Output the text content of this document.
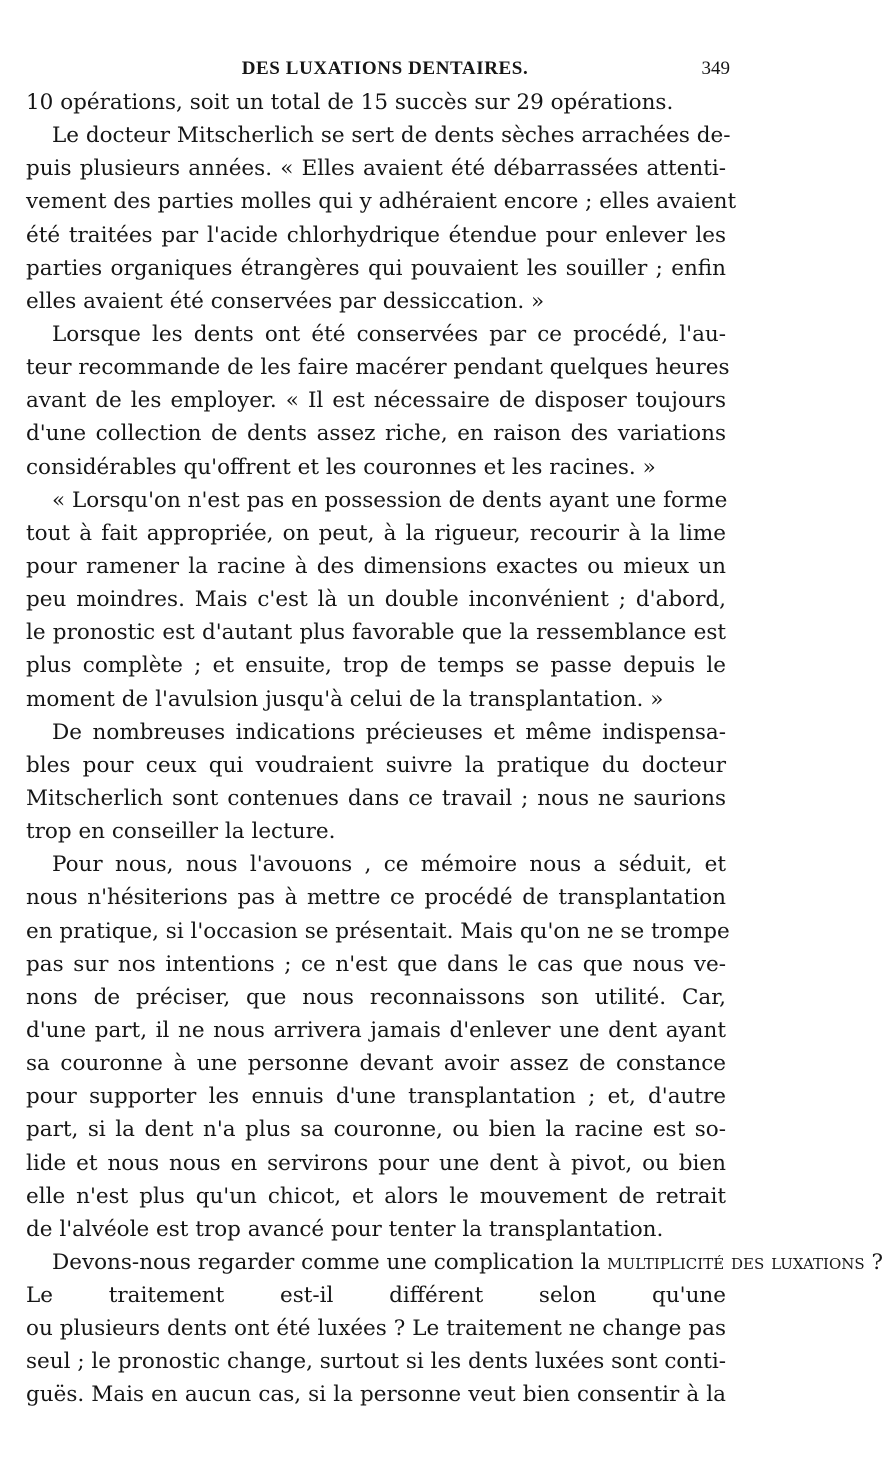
DES LUXATIONS DENTAIRES.	349
10 opérations, soit un total de 15 succès sur 29 opérations.
Le docteur Mitscherlich se sert de dents sèches arrachées de-
puis plusieurs années. « Elles avaient été débarrassées attenti-
vement des parties molles qui y adhéraient encore ; elles avaient
été traitées par l'acide chlorhydrique étendue pour enlever les
parties organiques étrangères qui pouvaient les souiller ; enfin
elles avaient été conservées par dessiccation. »
Lorsque les dents ont été conservées par ce procédé, l'au-
teur recommande de les faire macérer pendant quelques heures
avant de les employer. « Il est nécessaire de disposer toujours
d'une collection de dents assez riche, en raison des variations
considérables qu'offrent et les couronnes et les racines. »
« Lorsqu'on n'est pas en possession de dents ayant une forme
tout à fait appropriée, on peut, à la rigueur, recourir à la lime
pour ramener la racine à des dimensions exactes ou mieux un
peu moindres. Mais c'est là un double inconvénient ; d'abord,
le pronostic est d'autant plus favorable que la ressemblance est
plus complète ; et ensuite, trop de temps se passe depuis le
moment de l'avulsion jusqu'à celui de la transplantation. »
De nombreuses indications précieuses et même indispensa-
bles pour ceux qui voudraient suivre la pratique du docteur
Mitscherlich sont contenues dans ce travail ; nous ne saurions
trop en conseiller la lecture.
Pour nous, nous l'avouons , ce mémoire nous a séduit, et
nous n'hésiterions pas à mettre ce procédé de transplantation
en pratique, si l'occasion se présentait. Mais qu'on ne se trompe
pas sur nos intentions ; ce n'est que dans le cas que nous ve-
nons de préciser, que nous reconnaissons son utilité. Car,
d'une part, il ne nous arrivera jamais d'enlever une dent ayant
sa couronne à une personne devant avoir assez de constance
pour supporter les ennuis d'une transplantation ; et, d'autre
part, si la dent n'a plus sa couronne, ou bien la racine est so-
lide et nous nous en servirons pour une dent à pivot, ou bien
elle n'est plus qu'un chicot, et alors le mouvement de retrait
de l'alvéole est trop avancé pour tenter la transplantation.
Devons-nous regarder comme une complication la multiplicité des luxations ?
Le traitement est-il différent selon qu'une
ou plusieurs dents ont été luxées ? Le traitement ne change pas
seul ; le pronostic change, surtout si les dents luxées sont conti-
guës. Mais en aucun cas, si la personne veut bien consentir à la
